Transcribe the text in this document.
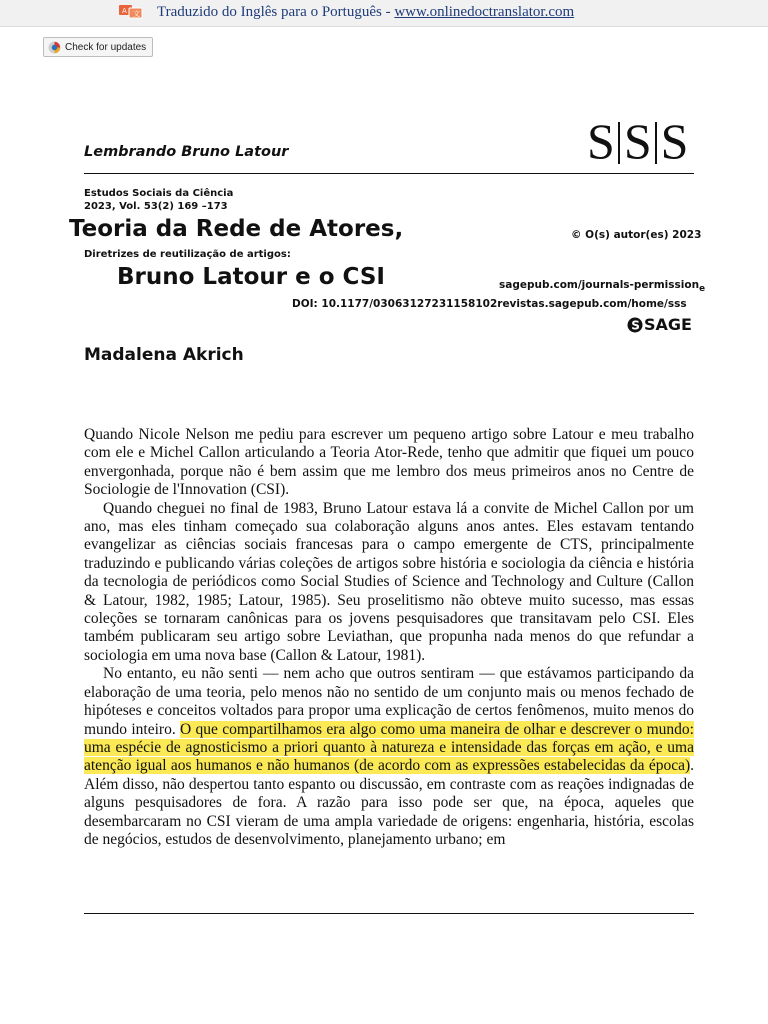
A 文 Traduzido do Inglês para o Português - www.onlinedoctranslator.com
Check for updates
Lembrando Bruno Latour	S S S
Estudos Sociais da Ciência
2023, Vol. 53(2) 169 –173
Teoria da Rede de Atores,	© O(s) autor(es) 2023
Diretrizes de reutilização de artigos:
Bruno Latour e o CSI	sagepub.com/journals-permission$_e$
DOI: 10.1177/03063127231158102revistas.sagepub.com/home/sss
S SAGE
Madalena Akrich

Quando Nicole Nelson me pediu para escrever um pequeno artigo sobre Latour e meu trabalho com ele e Michel Callon articulando a Teoria Ator-Rede, tenho que admitir que fiquei um pouco envergonhada, porque não é bem assim que me lembro dos meus primeiros anos no Centre de Sociologie de l'Innovation (CSI).

Quando cheguei no final de 1983, Bruno Latour estava lá a convite de Michel Callon por um ano, mas eles tinham começado sua colaboração alguns anos antes. Eles estavam tentando evangelizar as ciências sociais francesas para o campo emergente de CTS, principalmente traduzindo e publicando várias coleções de artigos sobre história e sociologia da ciência e história da tecnologia de periódicos como Social Studies of Science and Technology and Culture (Callon & Latour, 1982, 1985; Latour, 1985). Seu proselitismo não obteve muito sucesso, mas essas coleções se tornaram canônicas para os jovens pesquisadores que transitavam pelo CSI. Eles também publicaram seu artigo sobre Leviathan, que propunha nada menos do que refundar a sociologia em uma nova base (Callon & Latour, 1981).

No entanto, eu não senti — nem acho que outros sentiram — que estávamos participando da elaboração de uma teoria, pelo menos não no sentido de um conjunto mais ou menos fechado de hipóteses e conceitos voltados para propor uma explicação de certos fenômenos, muito menos do mundo inteiro. O que compartilhamos era algo como uma maneira de olhar e descrever o mundo: uma espécie de agnosticismo a priori quanto à natureza e intensidade das forças em ação, e uma atenção igual aos humanos e não humanos (de acordo com as expressões estabelecidas da época). Além disso, não despertou tanto espanto ou discussão, em contraste com as reações indignadas de alguns pesquisadores de fora. A razão para isso pode ser que, na época, aqueles que desembarcaram no CSI vieram de uma ampla variedade de origens: engenharia, história, escolas de negócios, estudos de desenvolvimento, planejamento urbano; em
